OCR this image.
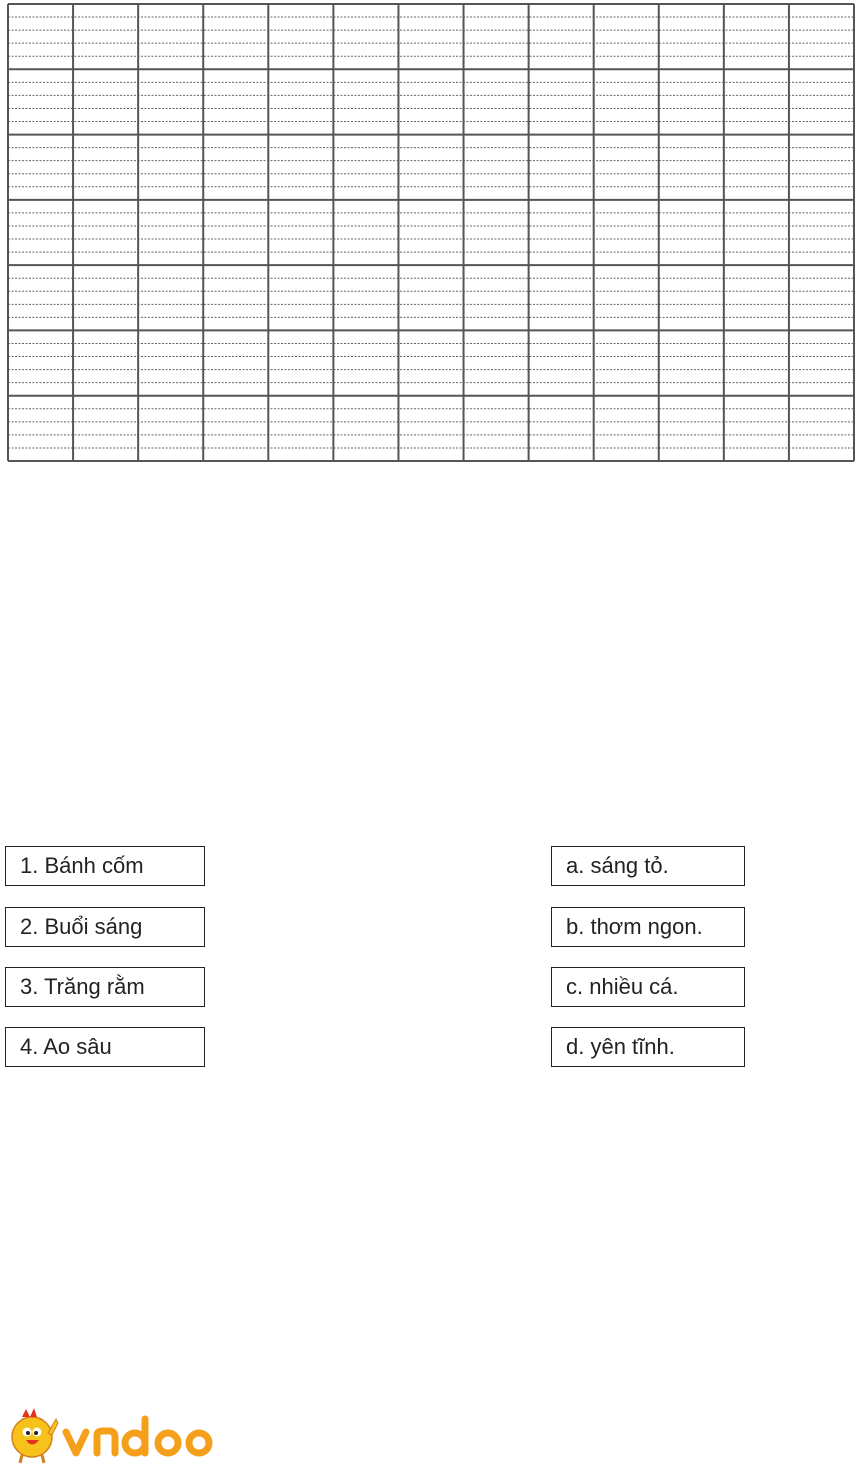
1. Bánh cốm
2. Buổi sáng
3. Trăng rằm
4. Ao sâu
a. sáng tỏ.
b. thơm ngon.
c. nhiều cá.
d. yên tĩnh.
